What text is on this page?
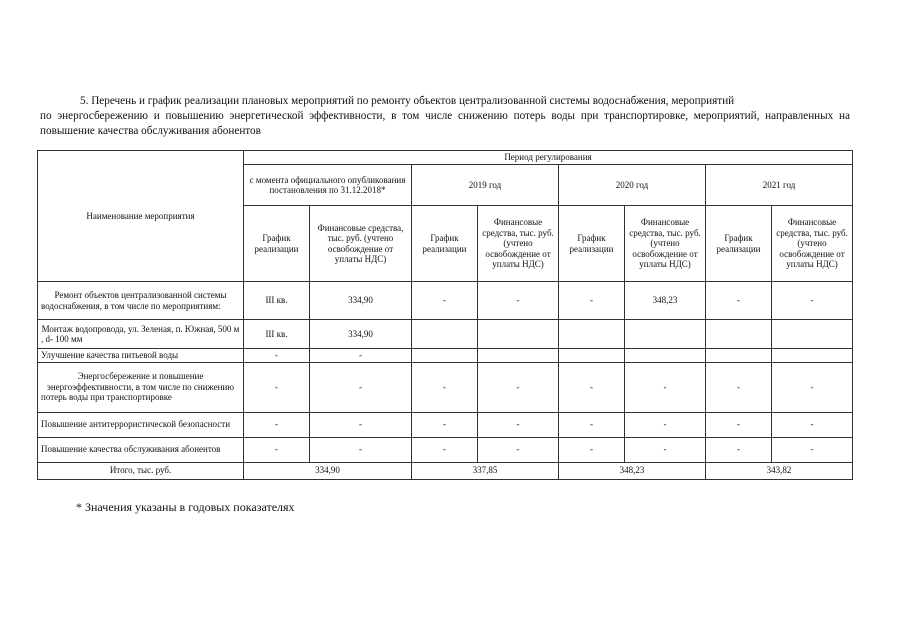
5. Перечень и график реализации плановых мероприятий по ремонту объектов централизованной системы водоснабжения, мероприятий
по энергосбережению и повышению энергетической эффективности, в том числе снижению потерь воды при транспортировке, мероприятий, направленных на повышение качества обслуживания абонентов
Наименование мероприятия	Период регулирования							
	с момента официального опубликования постановления по 31.12.2018*		2019 год		2020 год		2021 год	
	График реализации	Финансовые средства, тыс. руб. (учтено освобождение от уплаты НДС)	График реализации	Финансовые средства, тыс. руб. (учтено освобождение от уплаты НДС)	График реализации	Финансовые средства, тыс. руб. (учтено освобождение от уплаты НДС)	График реализации	Финансовые средства, тыс. руб. (учтено освобождение от уплаты НДС)
Ремонт объектов централизованной системы водоснабжения, в том числе по мероприятиям:	III кв.	334,90	-	-	-	348,23	-	-
Монтаж водопровода, ул. Зеленая, п. Южная, 500 м , d- 100 мм	III кв.	334,90						
Улучшение качества питьевой воды	-	-						
Энергосбережение и повышение энергоэффективности, в том числе по снижению потерь воды при транспортировке	-	-	-	-	-	-	-	-
Повышение антитеррористической безопасности	-	-	-	-	-	-	-	-
Повышение качества обслуживания абонентов	-	-	-	-	-	-	-	-
Итого, тыс. руб.	334,90		337,85		348,23		343,82	
* Значения указаны в годовых показателях
